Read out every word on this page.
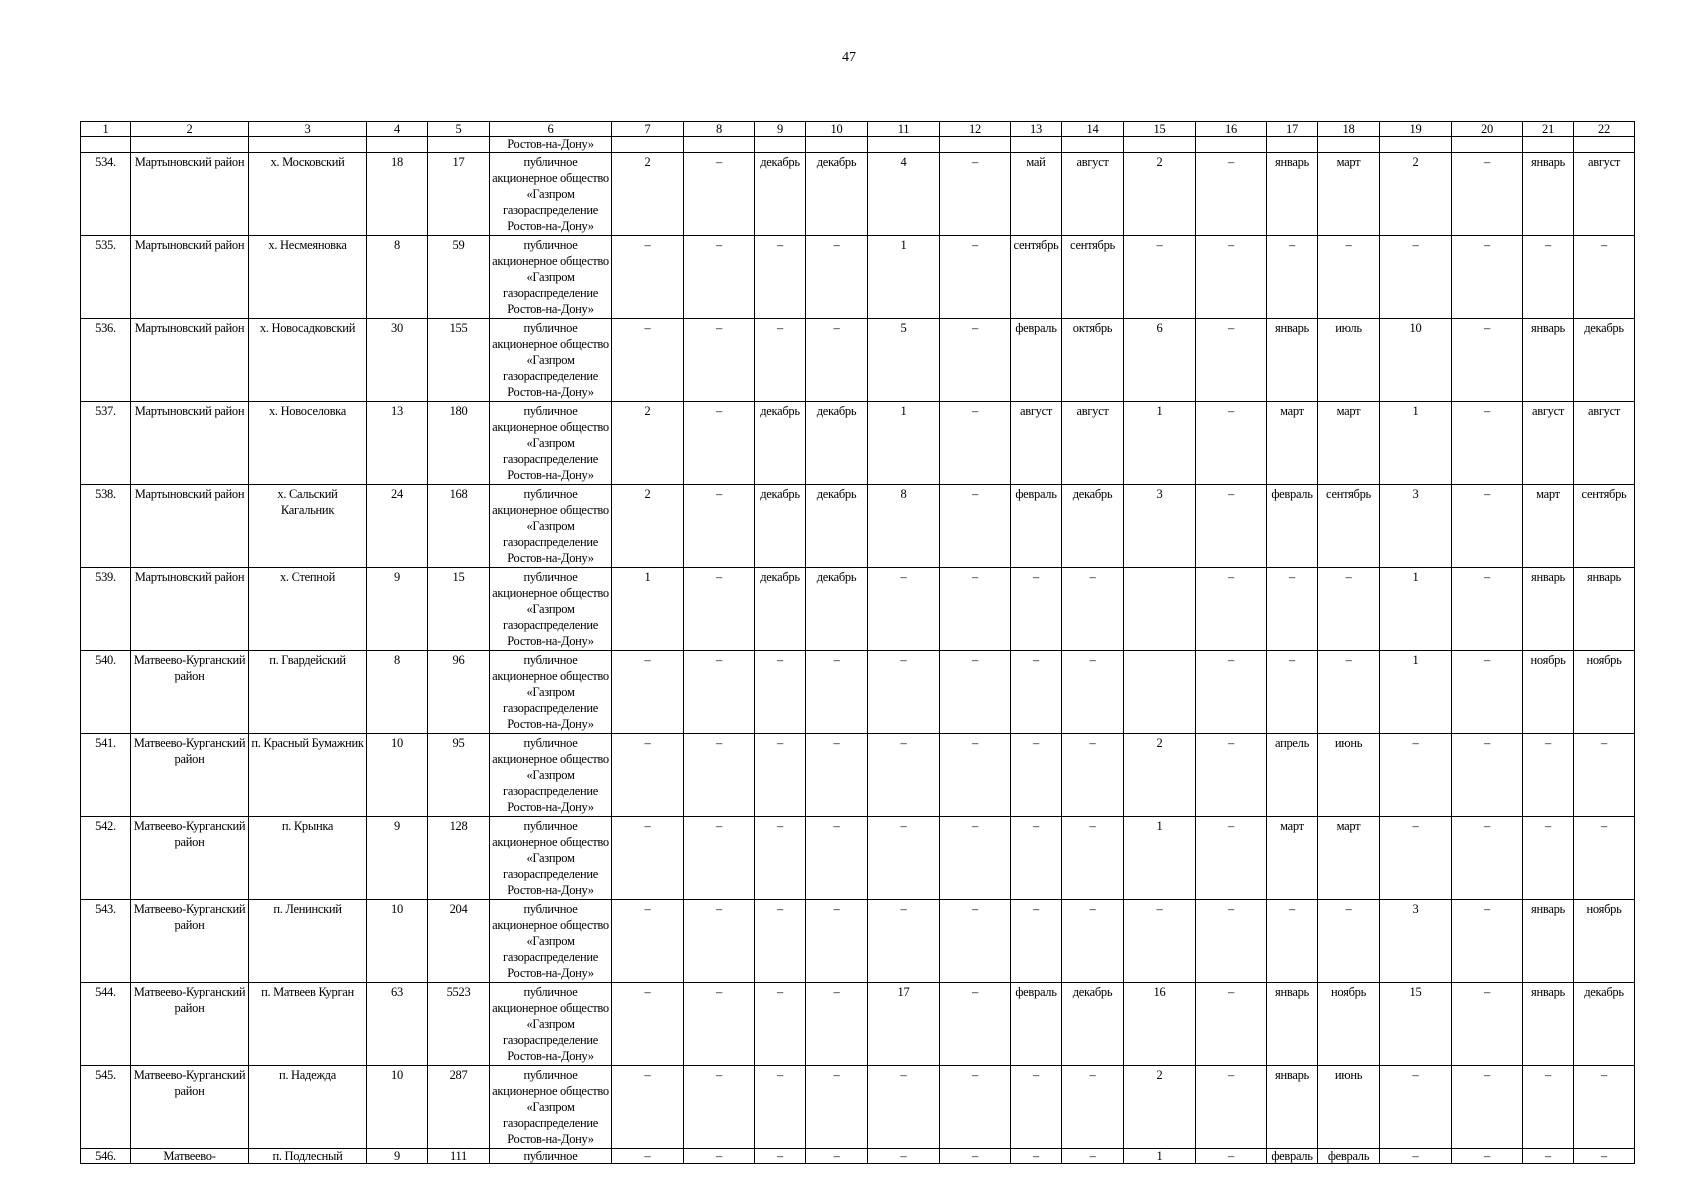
47
1	2	3	4	5	6	7	8	9	10	11	12	13	14	15	16	17	18	19	20	21	22
					Ростов-на-Дону»																
534.	Мартыновский район	х. Московский	18	17	публичное акционерное общество «Газпром газораспределение Ростов-на-Дону»	2	–	декабрь	декабрь	4	–	май	август	2	–	январь	март	2	–	январь	август
535.	Мартыновский район	х. Несмеяновка	8	59	публичное акционерное общество «Газпром газораспределение Ростов-на-Дону»	–	–	–	–	1	–	сентябрь	сентябрь	–	–	–	–	–	–	–	–
536.	Мартыновский район	х. Новосадковский	30	155	публичное акционерное общество «Газпром газораспределение Ростов-на-Дону»	–	–	–	–	5	–	февраль	октябрь	6	–	январь	июль	10	–	январь	декабрь
537.	Мартыновский район	х. Новоселовка	13	180	публичное акционерное общество «Газпром газораспределение Ростов-на-Дону»	2	–	декабрь	декабрь	1	–	август	август	1	–	март	март	1	–	август	август
538.	Мартыновский район	х. Сальский Кагальник	24	168	публичное акционерное общество «Газпром газораспределение Ростов-на-Дону»	2	–	декабрь	декабрь	8	–	февраль	декабрь	3	–	февраль	сентябрь	3	–	март	сентябрь
539.	Мартыновский район	х. Степной	9	15	публичное акционерное общество «Газпром газораспределение Ростов-на-Дону»	1	–	декабрь	декабрь	–	–	–	–		–	–	–	1	–	январь	январь
540.	Матвеево-Курганский район	п. Гвардейский	8	96	публичное акционерное общество «Газпром газораспределение Ростов-на-Дону»	–	–	–	–	–	–	–	–		–	–	–	1	–	ноябрь	ноябрь
541.	Матвеево-Курганский район	п. Красный Бумажник	10	95	публичное акционерное общество «Газпром газораспределение Ростов-на-Дону»	–	–	–	–	–	–	–	–	2	–	апрель	июнь	–	–	–	–
542.	Матвеево-Курганский район	п. Крынка	9	128	публичное акционерное общество «Газпром газораспределение Ростов-на-Дону»	–	–	–	–	–	–	–	–	1	–	март	март	–	–	–	–
543.	Матвеево-Курганский район	п. Ленинский	10	204	публичное акционерное общество «Газпром газораспределение Ростов-на-Дону»	–	–	–	–	–	–	–	–	–	–	–	–	3	–	январь	ноябрь
544.	Матвеево-Курганский район	п. Матвеев Курган	63	5523	публичное акционерное общество «Газпром газораспределение Ростов-на-Дону»	–	–	–	–	17	–	февраль	декабрь	16	–	январь	ноябрь	15	–	январь	декабрь
545.	Матвеево-Курганский район	п. Надежда	10	287	публичное акционерное общество «Газпром газораспределение Ростов-на-Дону»	–	–	–	–	–	–	–	–	2	–	январь	июнь	–	–	–	–
546.	Матвеево-	п. Подлесный	9	111	публичное	–	–	–	–	–	–	–	–	1	–	февраль	февраль	–	–	–	–
